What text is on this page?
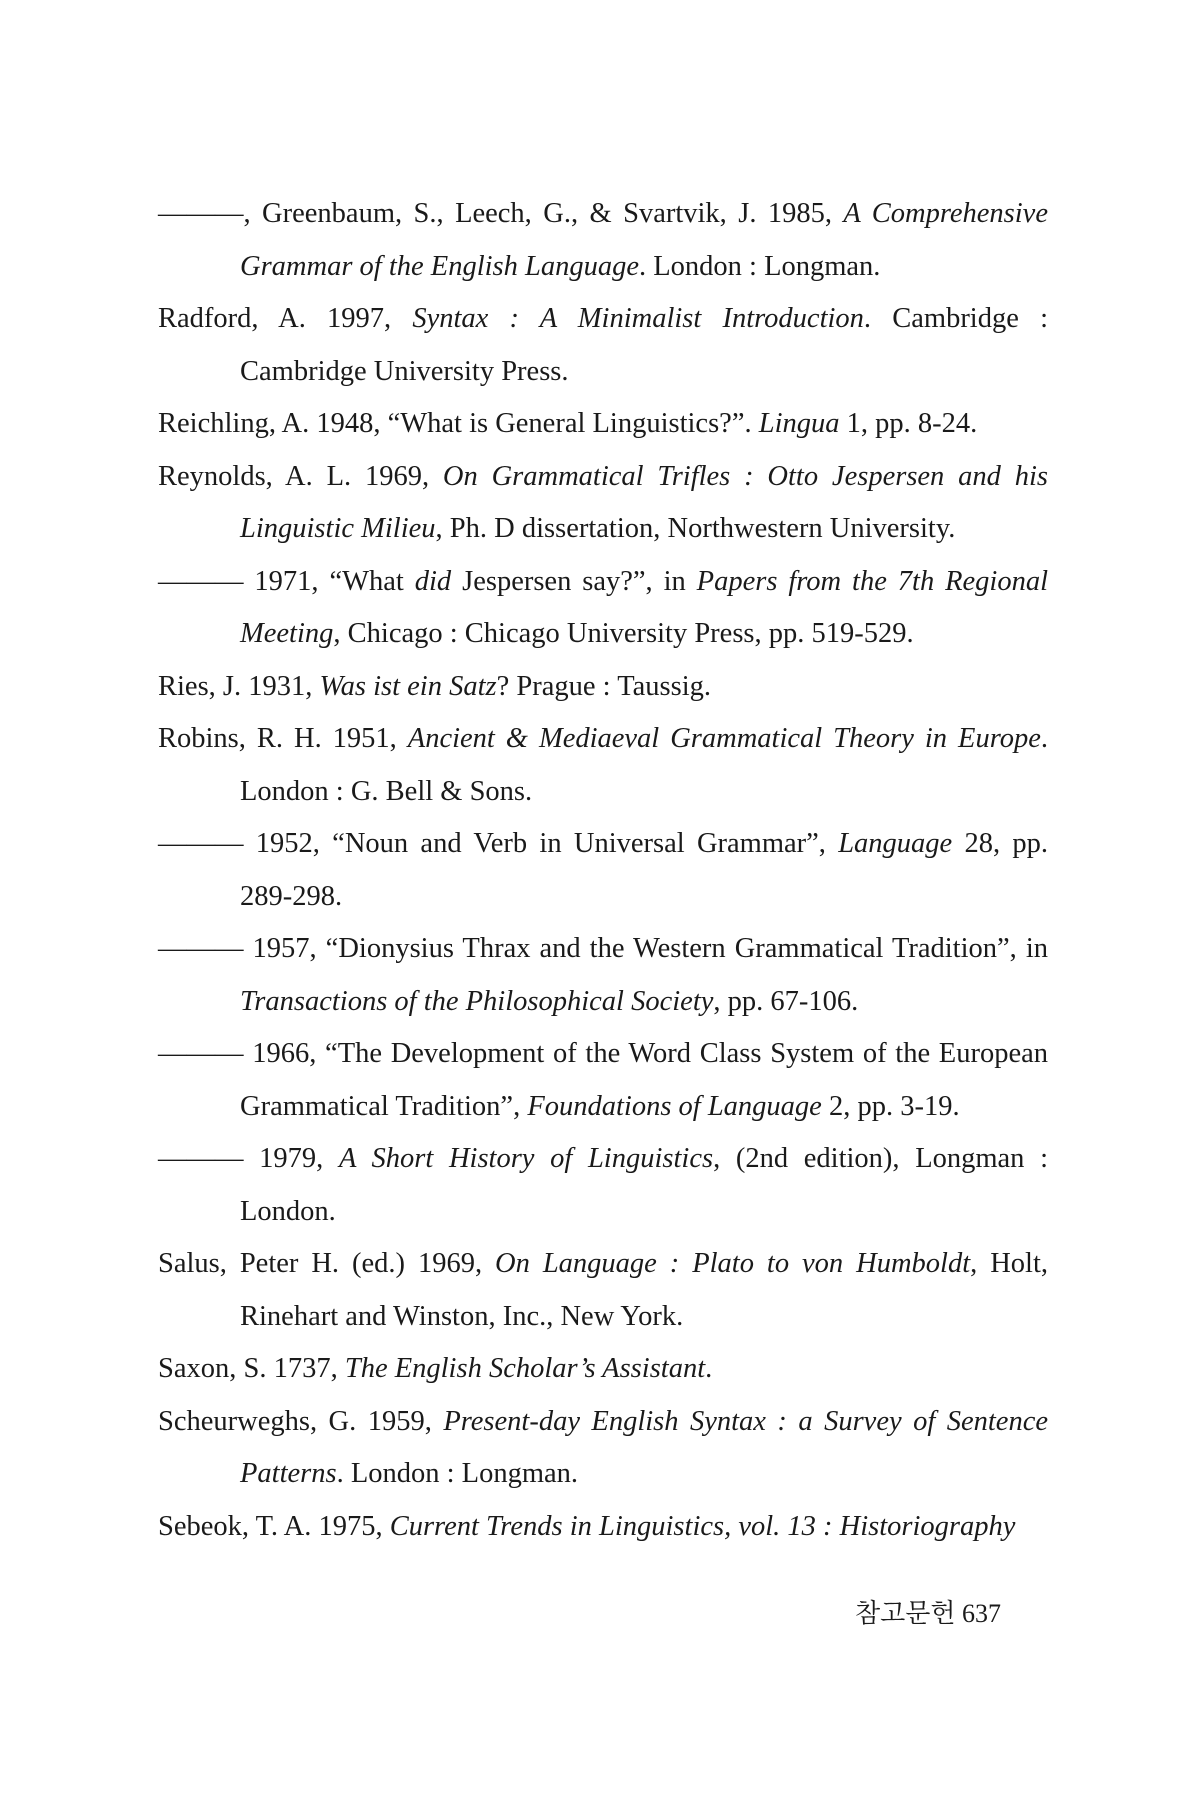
———, Greenbaum, S., Leech, G., & Svartvik, J. 1985, A Comprehensive Grammar of the English Language. London : Longman.
Radford, A. 1997, Syntax : A Minimalist Introduction. Cambridge : Cambridge University Press.
Reichling, A. 1948, “What is General Linguistics?”. Lingua 1, pp. 8-24.
Reynolds, A. L. 1969, On Grammatical Trifles : Otto Jespersen and his Linguistic Milieu, Ph. D dissertation, Northwestern University.
——— 1971, “What did Jespersen say?”, in Papers from the 7th Regional Meeting, Chicago : Chicago University Press, pp. 519-529.
Ries, J. 1931, Was ist ein Satz? Prague : Taussig.
Robins, R. H. 1951, Ancient & Mediaeval Grammatical Theory in Europe. London : G. Bell & Sons.
——— 1952, “Noun and Verb in Universal Grammar”, Language 28, pp. 289-298.
——— 1957, “Dionysius Thrax and the Western Grammatical Tradition”, in Transactions of the Philosophical Society, pp. 67-106.
——— 1966, “The Development of the Word Class System of the European Grammatical Tradition”, Foundations of Language 2, pp. 3-19.
——— 1979, A Short History of Linguistics, (2nd edition), Longman : London.
Salus, Peter H. (ed.) 1969, On Language : Plato to von Humboldt, Holt, Rinehart and Winston, Inc., New York.
Saxon, S. 1737, The English Scholar’s Assistant.
Scheurweghs, G. 1959, Present-day English Syntax : a Survey of Sentence Patterns. London : Longman.
Sebeok, T. A. 1975, Current Trends in Linguistics, vol. 13 : Historiography
참고문헌 637
